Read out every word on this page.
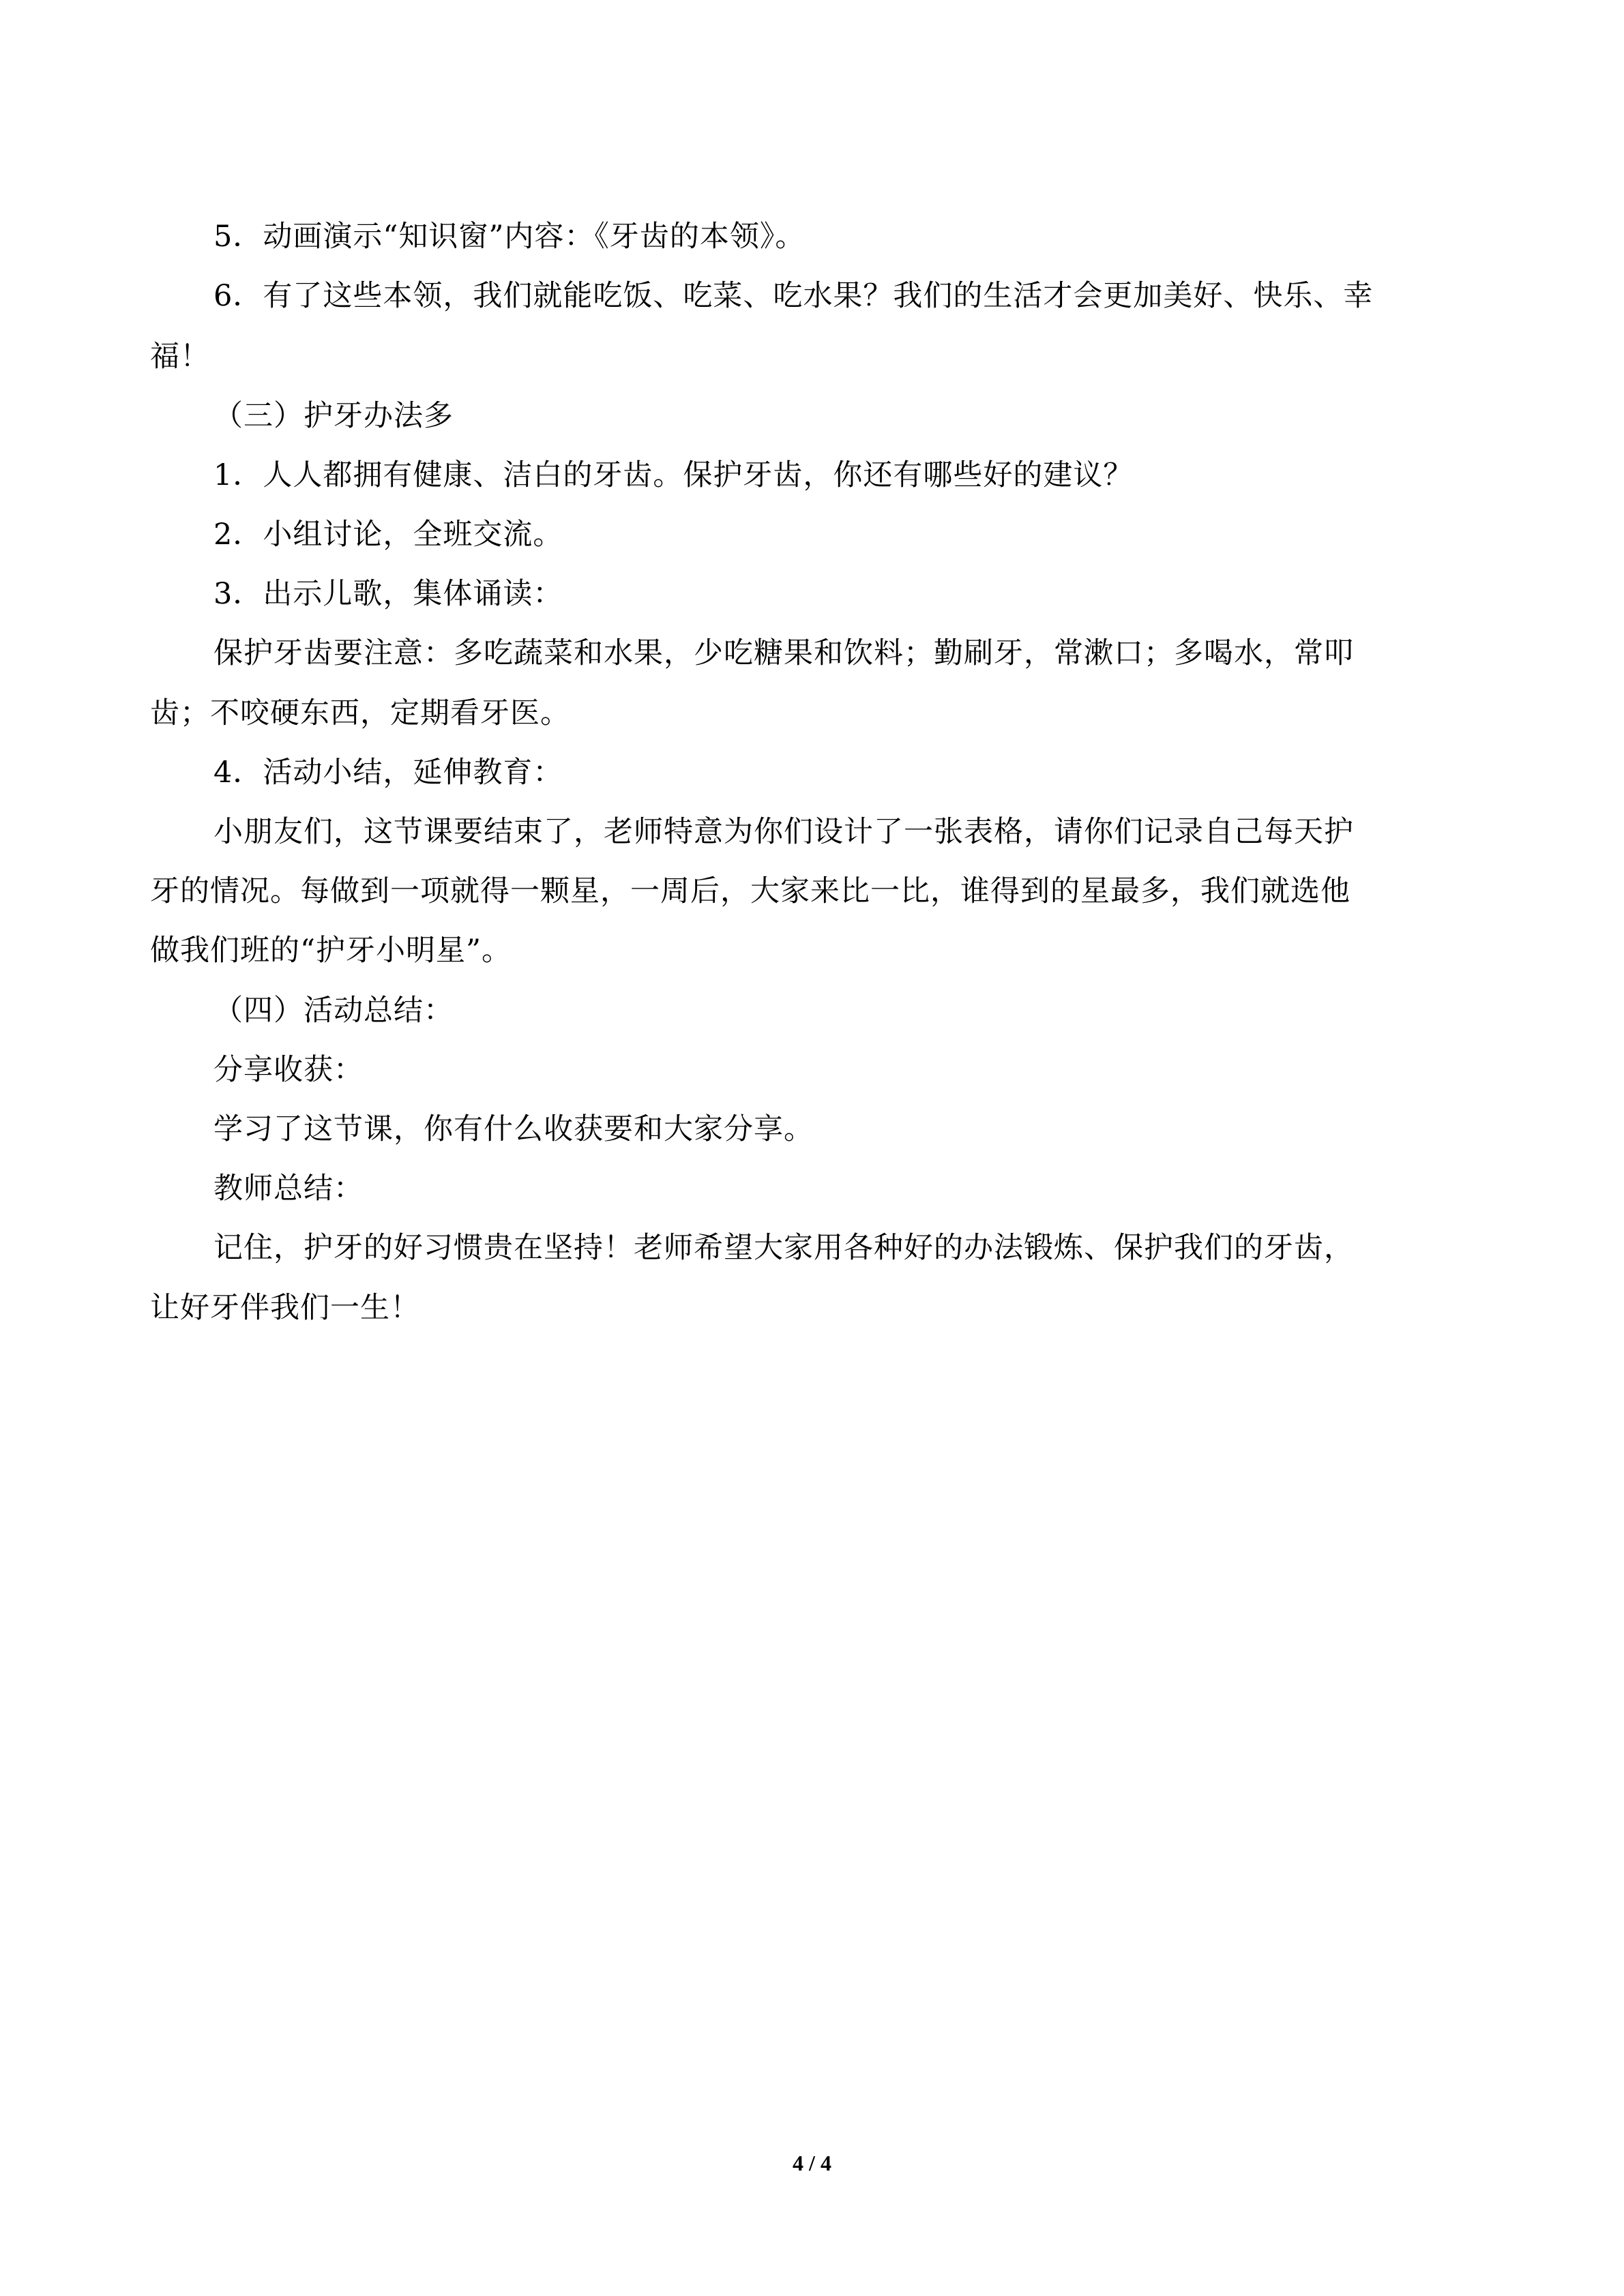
5．动画演示“知识窗”内容：《牙齿的本领》。
6．有了这些本领，我们就能吃饭、吃菜、吃水果？我们的生活才会更加美好、快乐、幸
福！
（三）护牙办法多
1．人人都拥有健康、洁白的牙齿。保护牙齿，你还有哪些好的建议？
2．小组讨论，全班交流。
3．出示儿歌，集体诵读：
保护牙齿要注意：多吃蔬菜和水果，少吃糖果和饮料；勤刷牙，常漱口；多喝水，常叩
齿；不咬硬东西，定期看牙医。
4．活动小结，延伸教育：
小朋友们，这节课要结束了，老师特意为你们设计了一张表格，请你们记录自己每天护
牙的情况。每做到一项就得一颗星，一周后，大家来比一比，谁得到的星最多，我们就选他
做我们班的“护牙小明星”。
（四）活动总结：
分享收获：
学习了这节课，你有什么收获要和大家分享。
教师总结：
记住，护牙的好习惯贵在坚持！老师希望大家用各种好的办法锻炼、保护我们的牙齿，
让好牙伴我们一生！
4 / 4
